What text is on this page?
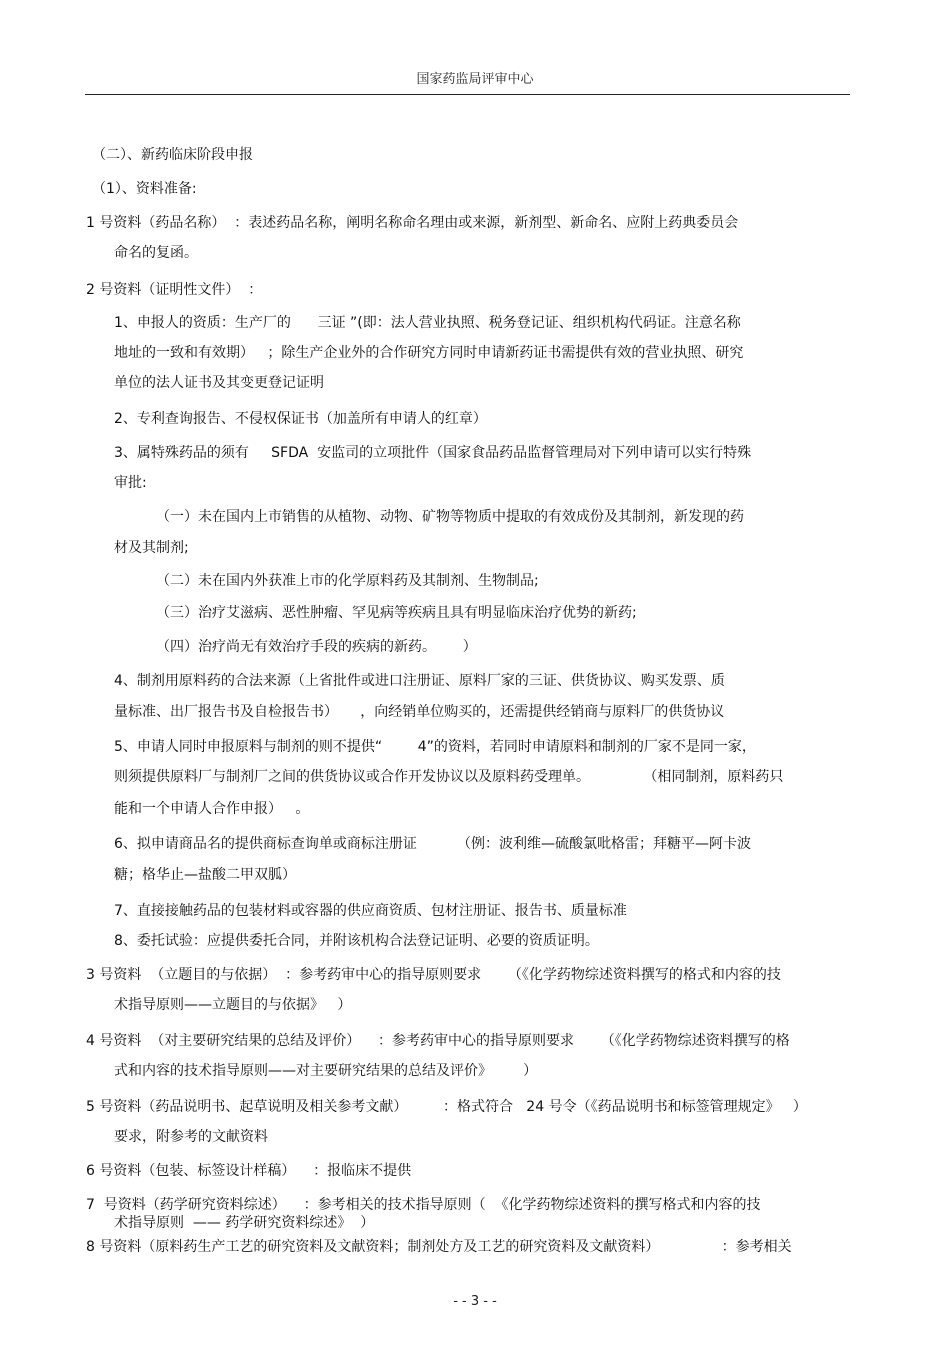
国家药监局评审中心
（二）、新药临床阶段申报
（1）、资料准备:
1 号资料（药品名称）  ：表述药品名称，阐明名称命名理由或来源，新剂型、新命名、应附上药典委员会
命名的复函。
2 号资料（证明性文件）  ：
1、申报人的资质：生产厂的      三证 ”(即：法人营业执照、税务登记证、组织机构代码证。注意名称
地址的一致和有效期）   ；除生产企业外的合作研究方同时申请新药证书需提供有效的营业执照、研究
单位的法人证书及其变更登记证明
2、专利查询报告、不侵权保证书（加盖所有申请人的红章）
3、属特殊药品的须有     SFDA  安监司的立项批件（国家食品药品监督管理局对下列申请可以实行特殊
审批:
（一）未在国内上市销售的从植物、动物、矿物等物质中提取的有效成份及其制剂，新发现的药
材及其制剂;
（二）未在国内外获准上市的化学原料药及其制剂、生物制品;
（三）治疗艾滋病、恶性肿瘤、罕见病等疾病且具有明显临床治疗优势的新药;
（四）治疗尚无有效治疗手段的疾病的新药。      ）
4、制剂用原料药的合法来源（上省批件或进口注册证、原料厂家的三证、供货协议、购买发票、质
量标准、出厂报告书及自检报告书）     ，向经销单位购买的，还需提供经销商与原料厂的供货协议
5、申请人同时申报原料与制剂的则不提供“        4”的资料，若同时申请原料和制剂的厂家不是同一家，
则须提供原料厂与制剂厂之间的供货协议或合作开发协议以及原料药受理单。            （相同制剂，原料药只
能和一个申请人合作申报）   。
6、拟申请商品名的提供商标查询单或商标注册证         （例：波利维—硫酸氯吡格雷；拜糖平—阿卡波
糖；格华止—盐酸二甲双胍）
7、直接接触药品的包装材料或容器的供应商资质、包材注册证、报告书、质量标准
8、委托试验：应提供委托合同，并附该机构合法登记证明、必要的资质证明。
3 号资料  （立题目的与依据）  ：参考药审中心的指导原则要求      （《化学药物综述资料撰写的格式和内容的技
术指导原则——立题目的与依据》   ）
4 号资料  （对主要研究结果的总结及评价）    ：参考药审中心的指导原则要求      （《化学药物综述资料撰写的格
式和内容的技术指导原则——对主要研究结果的总结及评价》       ）
5 号资料（药品说明书、起草说明及相关参考文献）        ：格式符合   24 号令（《药品说明书和标签管理规定》   ）
要求，附参考的文献资料
6 号资料（包装、标签设计样稿）    ：报临床不提供
7  号资料（药学研究资料综述）    ：参考相关的技术指导原则（  《化学药物综述资料的撰写格式和内容的技
术指导原则  —— 药学研究资料综述》  ）
8 号资料（原料药生产工艺的研究资料及文献资料；制剂处方及工艺的研究资料及文献资料）              ：参考相关
- - 3 - -
